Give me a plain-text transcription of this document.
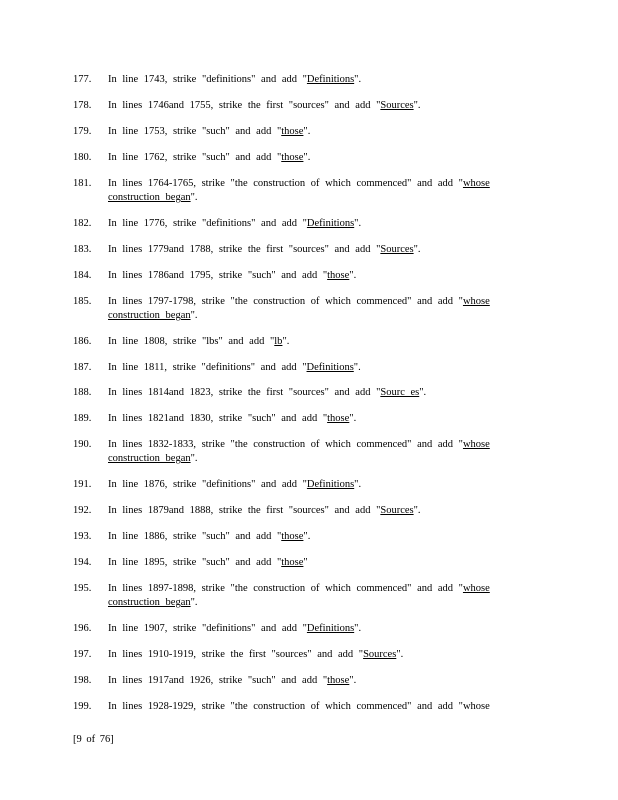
177.	In line 1743, strike "definitions" and add "Definitions".
178.	In lines 1746and 1755, strike the first "sources" and add "Sources".
179.	In line 1753, strike "such" and add "those".
180.	In line 1762, strike "such" and add "those".
181.	In lines 1764-1765, strike "the construction of which commenced" and add "whose
construction began".
182.	In line 1776, strike "definitions" and add "Definitions".
183.	In lines 1779and 1788, strike the first "sources" and add "Sources".
184.	In lines 1786and 1795, strike "such" and add "those".
185.	In lines 1797-1798, strike "the construction of which commenced" and add "whose
construction began".
186.	In line 1808, strike "lbs" and add "lb".
187.	In line 1811, strike "definitions" and add "Definitions".
188.	In lines 1814and 1823, strike the first "sources" and add "Sourc es".
189.	In lines 1821and 1830, strike "such" and add "those".
190.	In lines 1832-1833, strike "the construction of which commenced" and add "whose
construction began".
191.	In line 1876, strike "definitions" and add "Definitions".
192.	In lines 1879and 1888, strike the first "sources" and add "Sources".
193.	In line 1886, strike "such" and add "those".
194.	In line 1895, strike "such" and add "those"
195.	In lines 1897-1898, strike "the construction of which commenced" and add "whose
construction began".
196.	In line 1907, strike "definitions" and add "Definitions".
197.	In lines 1910-1919, strike the first "sources" and add "Sources".
198.	In lines 1917and 1926, strike "such" and add "those".
199.	In lines 1928-1929, strike "the construction of which commenced" and add "whose
[9 of 76]
